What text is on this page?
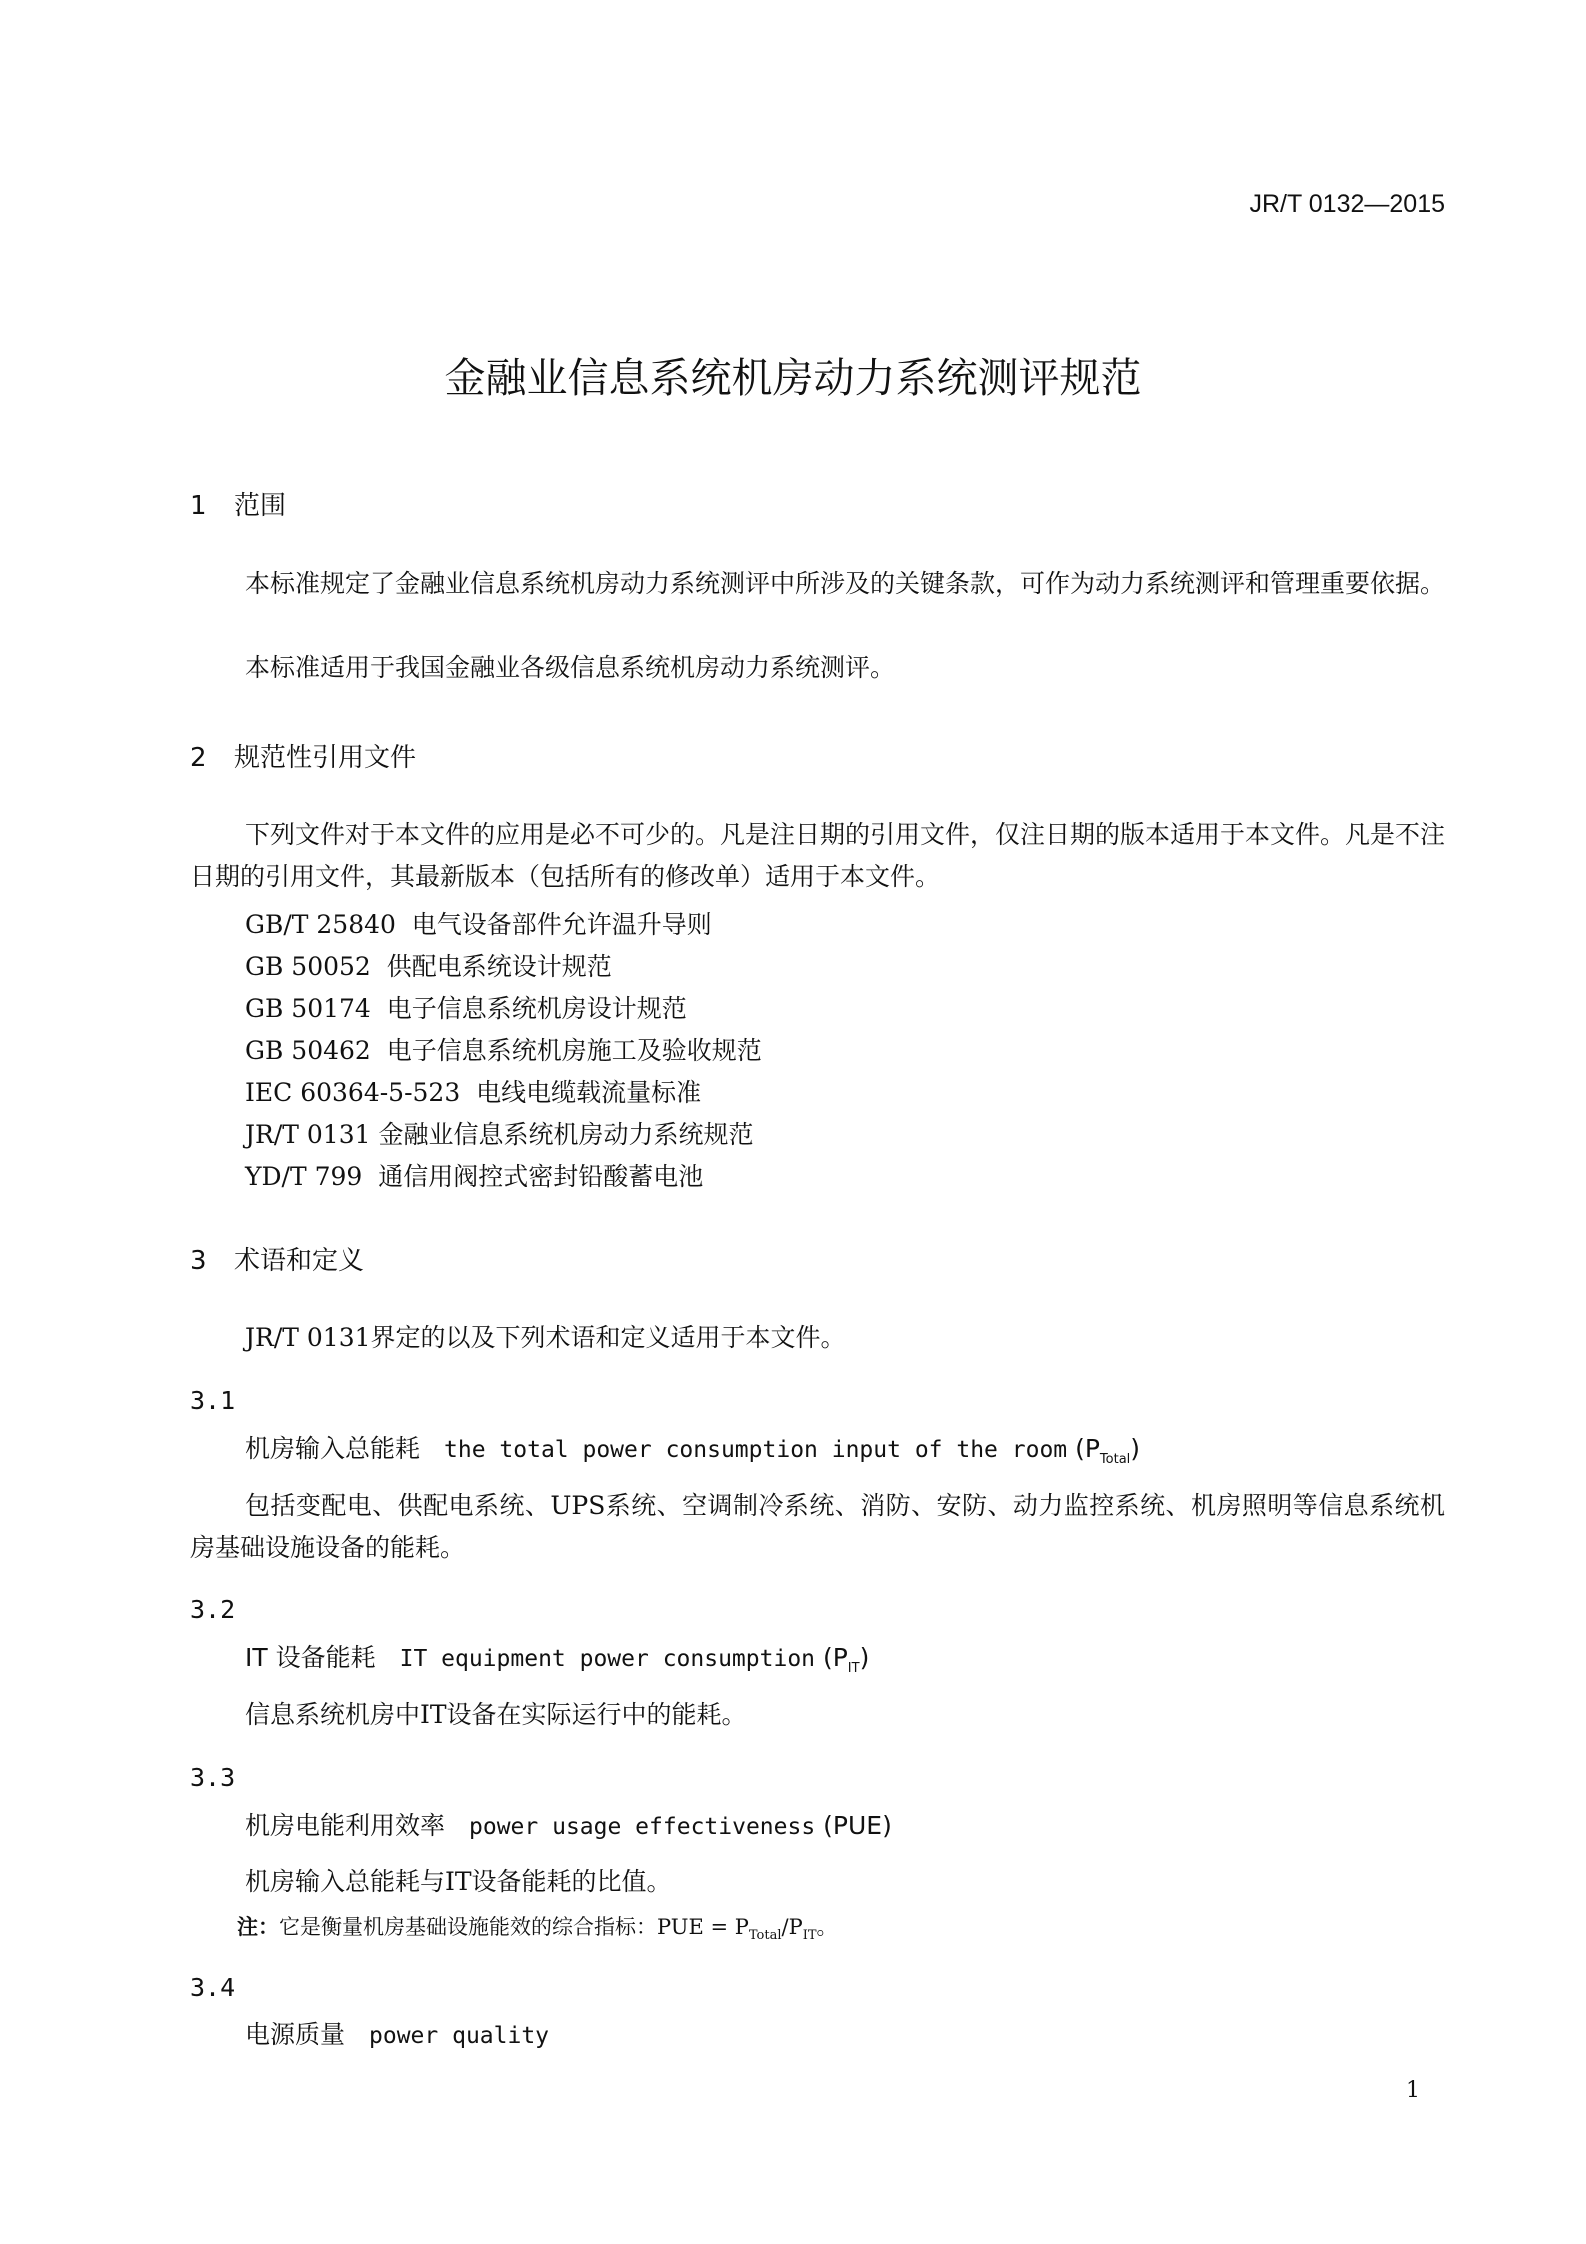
JR/T 0132—2015
金融业信息系统机房动力系统测评规范
1 范围
本标准规定了金融业信息系统机房动力系统测评中所涉及的关键条款，可作为动力系统测评和管理重要依据。
本标准适用于我国金融业各级信息系统机房动力系统测评。
2 规范性引用文件
下列文件对于本文件的应用是必不可少的。凡是注日期的引用文件，仅注日期的版本适用于本文件。凡是不注日期的引用文件，其最新版本（包括所有的修改单）适用于本文件。
GB/T 25840  电气设备部件允许温升导则
GB 50052  供配电系统设计规范
GB 50174  电子信息系统机房设计规范
GB 50462  电子信息系统机房施工及验收规范
IEC 60364-5-523  电线电缆载流量标准
JR/T 0131 金融业信息系统机房动力系统规范
YD/T 799  通信用阀控式密封铅酸蓄电池
3 术语和定义
JR/T 0131界定的以及下列术语和定义适用于本文件。
3.1
机房输入总能耗 the total power consumption input of the room $(P_{Total})$
包括变配电、供配电系统、UPS系统、空调制冷系统、消防、安防、动力监控系统、机房照明等信息系统机房基础设施设备的能耗。
3.2
IT 设备能耗 IT equipment power consumption $(P_{IT})$
信息系统机房中IT设备在实际运行中的能耗。
3.3
机房电能利用效率 power usage effectiveness (PUE)
机房输入总能耗与IT设备能耗的比值。
注：它是衡量机房基础设施能效的综合指标：PUE = $P_{Total}/P_{IT}$。
3.4
电源质量 power quality
1
